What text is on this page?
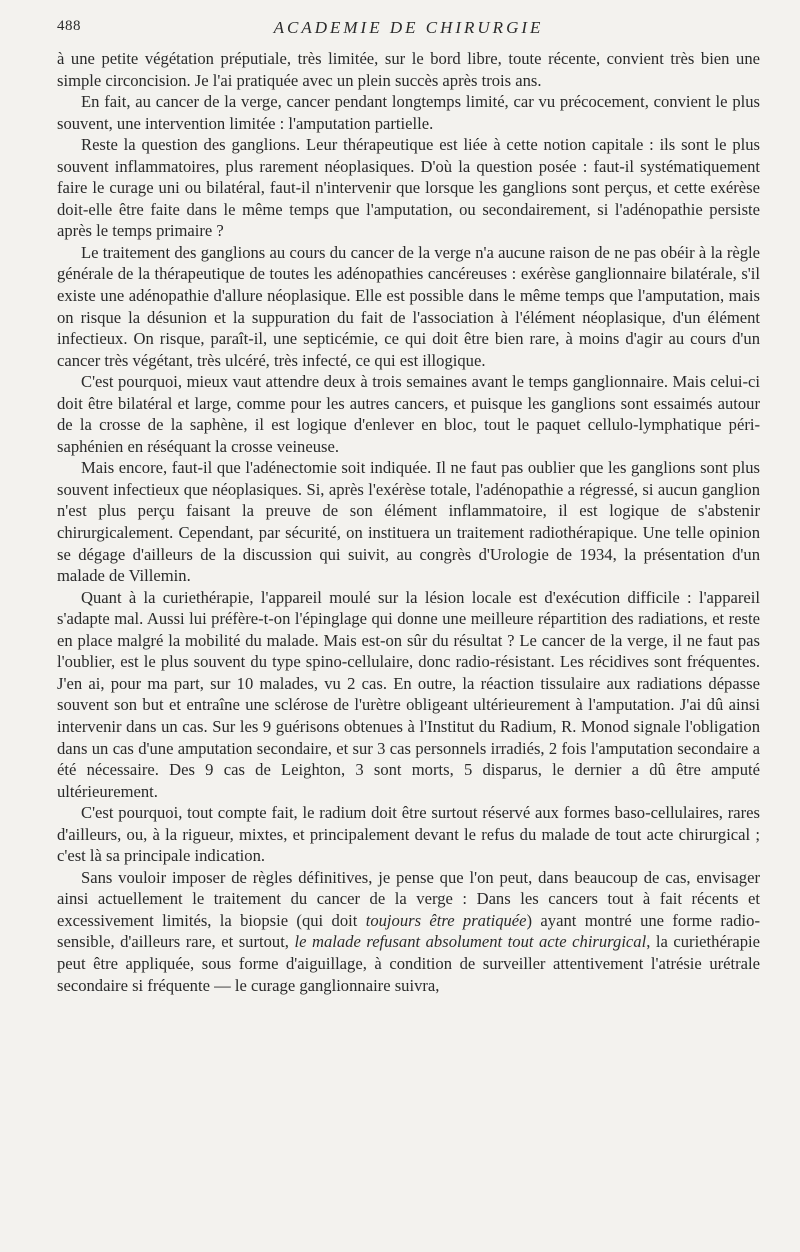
488	ACADEMIE DE CHIRURGIE

à une petite végétation préputiale, très limitée, sur le bord libre, toute récente, convient très bien une simple circoncision. Je l'ai pratiquée avec un plein succès après trois ans.

En fait, au cancer de la verge, cancer pendant longtemps limité, car vu précocement, convient le plus souvent, une intervention limitée : l'amputation partielle.

Reste la question des ganglions. Leur thérapeutique est liée à cette notion capitale : ils sont le plus souvent inflammatoires, plus rarement néoplasiques. D'où la question posée : faut-il systématiquement faire le curage uni ou bilatéral, faut-il n'intervenir que lorsque les ganglions sont perçus, et cette exérèse doit-elle être faite dans le même temps que l'amputation, ou secondairement, si l'adénopathie persiste après le temps primaire ?

Le traitement des ganglions au cours du cancer de la verge n'a aucune raison de ne pas obéir à la règle générale de la thérapeutique de toutes les adénopathies cancéreuses : exérèse ganglionnaire bilatérale, s'il existe une adénopathie d'allure néoplasique. Elle est possible dans le même temps que l'amputation, mais on risque la désunion et la suppuration du fait de l'association à l'élément néoplasique, d'un élément infectieux. On risque, paraît-il, une septicémie, ce qui doit être bien rare, à moins d'agir au cours d'un cancer très végétant, très ulcéré, très infecté, ce qui est illogique.

C'est pourquoi, mieux vaut attendre deux à trois semaines avant le temps ganglionnaire. Mais celui-ci doit être bilatéral et large, comme pour les autres cancers, et puisque les ganglions sont essaimés autour de la crosse de la saphène, il est logique d'enlever en bloc, tout le paquet cellulo-lymphatique péri-saphénien en réséquant la crosse veineuse.

Mais encore, faut-il que l'adénectomie soit indiquée. Il ne faut pas oublier que les ganglions sont plus souvent infectieux que néoplasiques. Si, après l'exérèse totale, l'adénopathie a régressé, si aucun ganglion n'est plus perçu faisant la preuve de son élément inflammatoire, il est logique de s'abstenir chirurgicalement. Cependant, par sécurité, on instituera un traitement radiothérapique. Une telle opinion se dégage d'ailleurs de la discussion qui suivit, au congrès d'Urologie de 1934, la présentation d'un malade de Villemin.

Quant à la curiethérapie, l'appareil moulé sur la lésion locale est d'exécution difficile : l'appareil s'adapte mal. Aussi lui préfère-t-on l'épinglage qui donne une meilleure répartition des radiations, et reste en place malgré la mobilité du malade. Mais est-on sûr du résultat ? Le cancer de la verge, il ne faut pas l'oublier, est le plus souvent du type spino-cellulaire, donc radio-résistant. Les récidives sont fréquentes. J'en ai, pour ma part, sur 10 malades, vu 2 cas. En outre, la réaction tissulaire aux radiations dépasse souvent son but et entraîne une sclérose de l'urètre obligeant ultérieurement à l'amputation. J'ai dû ainsi intervenir dans un cas. Sur les 9 guérisons obtenues à l'Institut du Radium, R. Monod signale l'obligation dans un cas d'une amputation secondaire, et sur 3 cas personnels irradiés, 2 fois l'amputation secondaire a été nécessaire. Des 9 cas de Leighton, 3 sont morts, 5 disparus, le dernier a dû être amputé ultérieurement.

C'est pourquoi, tout compte fait, le radium doit être surtout réservé aux formes baso-cellulaires, rares d'ailleurs, ou, à la rigueur, mixtes, et principalement devant le refus du malade de tout acte chirurgical ; c'est là sa principale indication.

Sans vouloir imposer de règles définitives, je pense que l'on peut, dans beaucoup de cas, envisager ainsi actuellement le traitement du cancer de la verge : Dans les cancers tout à fait récents et excessivement limités, la biopsie (qui doit toujours être pratiquée) ayant montré une forme radio-sensible, d'ailleurs rare, et surtout, le malade refusant absolument tout acte chirurgical, la curiethérapie peut être appliquée, sous forme d'aiguillage, à condition de surveiller attentivement l'atrésie urétrale secondaire si fréquente — le curage ganglionnaire suivra,
